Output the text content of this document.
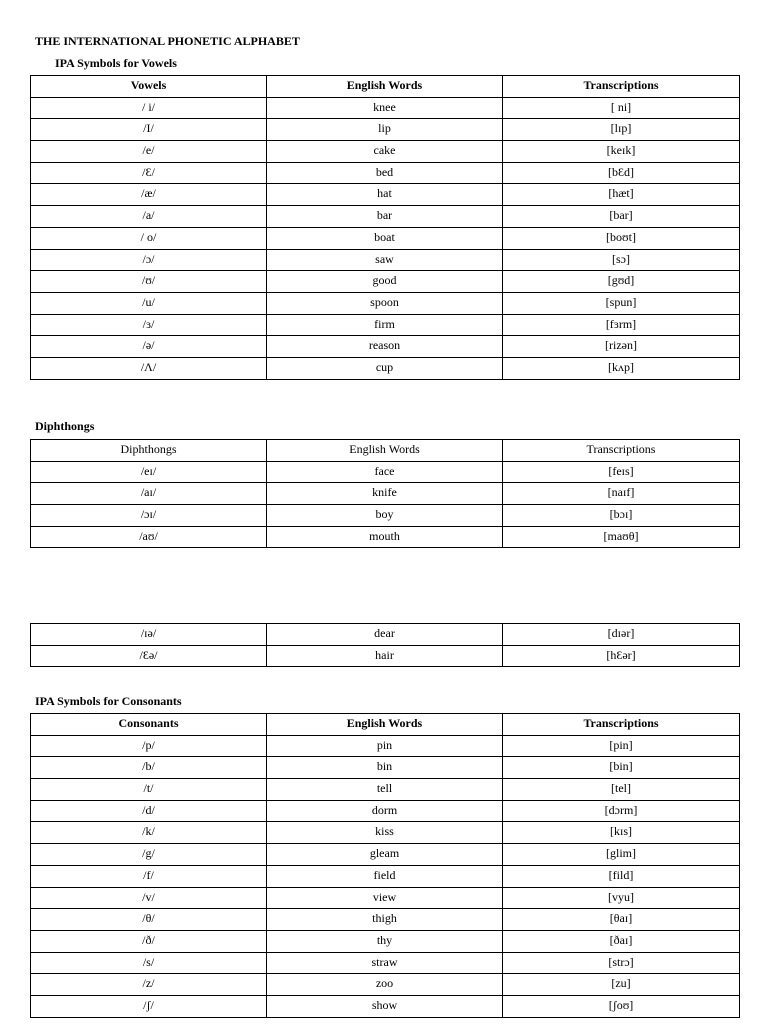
THE INTERNATIONAL PHONETIC ALPHABET
IPA Symbols for Vowels
Vowels	English Words	Transcriptions
/ i/	knee	[ ni]
/I/	lip	[lɪp]
/e/	cake	[keɪk]
/Ɛ/	bed	[bƐd]
/æ/	hat	[hæt]
/a/	bar	[bar]
/ o/	boat	[boʊt]
/ɔ/	saw	[sɔ]
/ʊ/	good	[gʊd]
/u/	spoon	[spun]
/ɜ/	firm	[fɜrm]
/ə/	reason	[rizən]
/Ʌ/	cup	[kʌp]
Diphthongs
Diphthongs	English Words	Transcriptions
/eɪ/	face	[feɪs]
/aɪ/	knife	[naɪf]
/ɔɪ/	boy	[bɔɪ]
/aʊ/	mouth	[maʊθ]
/ɪə/	dear	[dɪər]
/Ɛə/	hair	[hƐər]
IPA Symbols for Consonants
Consonants	English Words	Transcriptions
/p/	pin	[pin]
/b/	bin	[bin]
/t/	tell	[tel]
/d/	dorm	[dɔrm]
/k/	kiss	[kɪs]
/g/	gleam	[glim]
/f/	field	[fild]
/v/	view	[vyu]
/θ/	thigh	[θaɪ]
/ð/	thy	[ðaɪ]
/s/	straw	[strɔ]
/z/	zoo	[zu]
/ʃ/	show	[ʃoʊ]
